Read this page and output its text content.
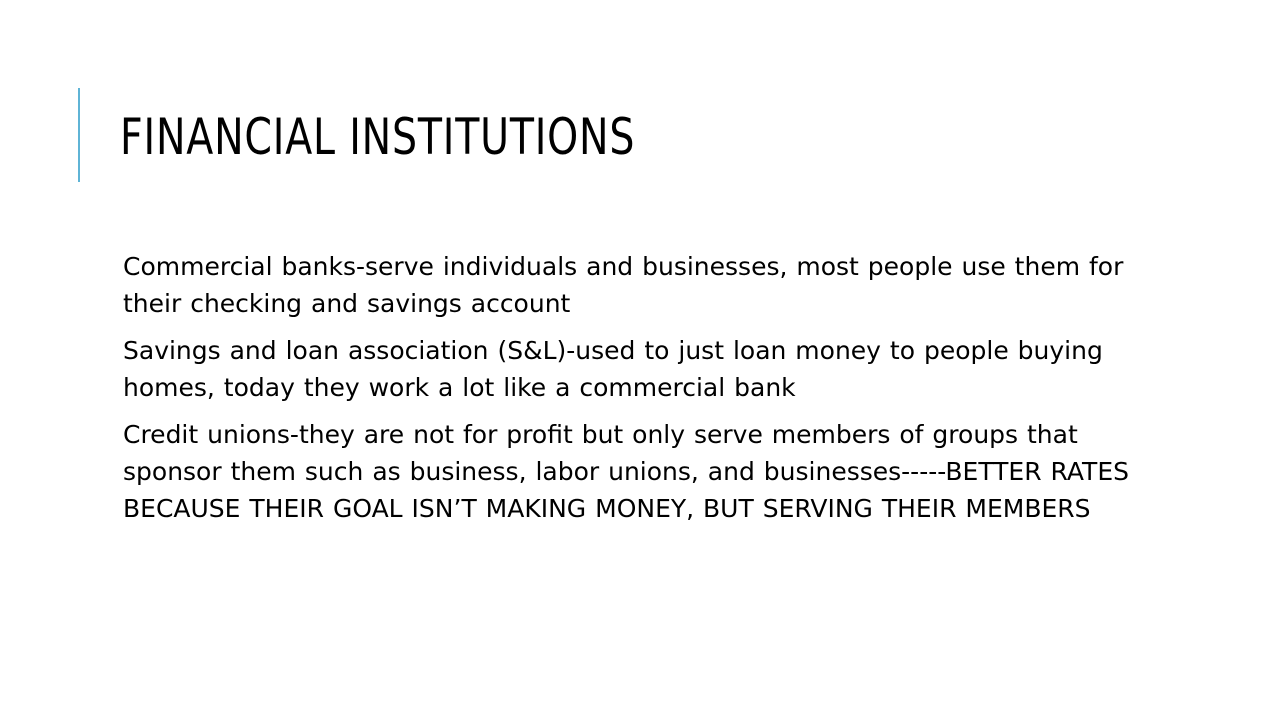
FINANCIAL INSTITUTIONS

Commercial banks-serve individuals and businesses, most people use them for their checking and savings account

Savings and loan association (S&L)-used to just loan money to people buying homes, today they work a lot like a commercial bank

Credit unions-they are not for profit but only serve members of groups that sponsor them such as business, labor unions, and businesses-----BETTER RATES BECAUSE THEIR GOAL ISN’T MAKING MONEY, BUT SERVING THEIR MEMBERS
